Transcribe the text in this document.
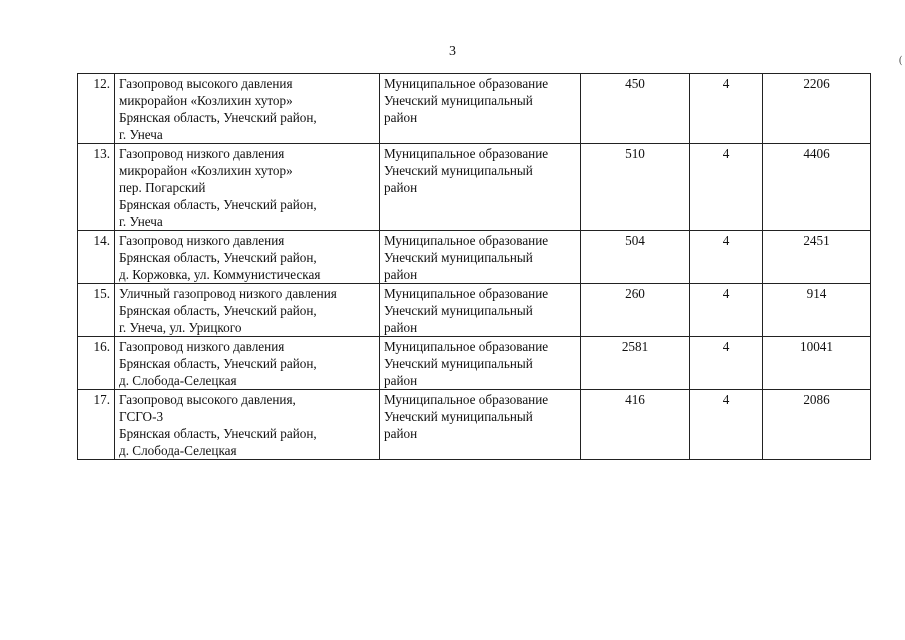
3
(
12.	Газопровод высокого давления
микрорайон «Козлихин хутор»
Брянская область, Унечский район,
г. Унеча	Муниципальное образование
Унечский муниципальный
район	450	4	2206
13.	Газопровод низкого давления
микрорайон «Козлихин хутор»
пер. Погарский
Брянская область, Унечский район,
г. Унеча	Муниципальное образование
Унечский муниципальный
район	510	4	4406
14.	Газопровод низкого давления
Брянская область, Унечский район,
д. Коржовка, ул. Коммунистическая	Муниципальное образование
Унечский муниципальный
район	504	4	2451
15.	Уличный газопровод низкого давления
Брянская область, Унечский район,
г. Унеча, ул. Урицкого	Муниципальное образование
Унечский муниципальный
район	260	4	914
16.	Газопровод низкого давления
Брянская область, Унечский район,
д. Слобода-Селецкая	Муниципальное образование
Унечский муниципальный
район	2581	4	10041
17.	Газопровод высокого давления,
ГСГО-3
Брянская область, Унечский район,
д. Слобода-Селецкая	Муниципальное образование
Унечский муниципальный
район	416	4	2086
